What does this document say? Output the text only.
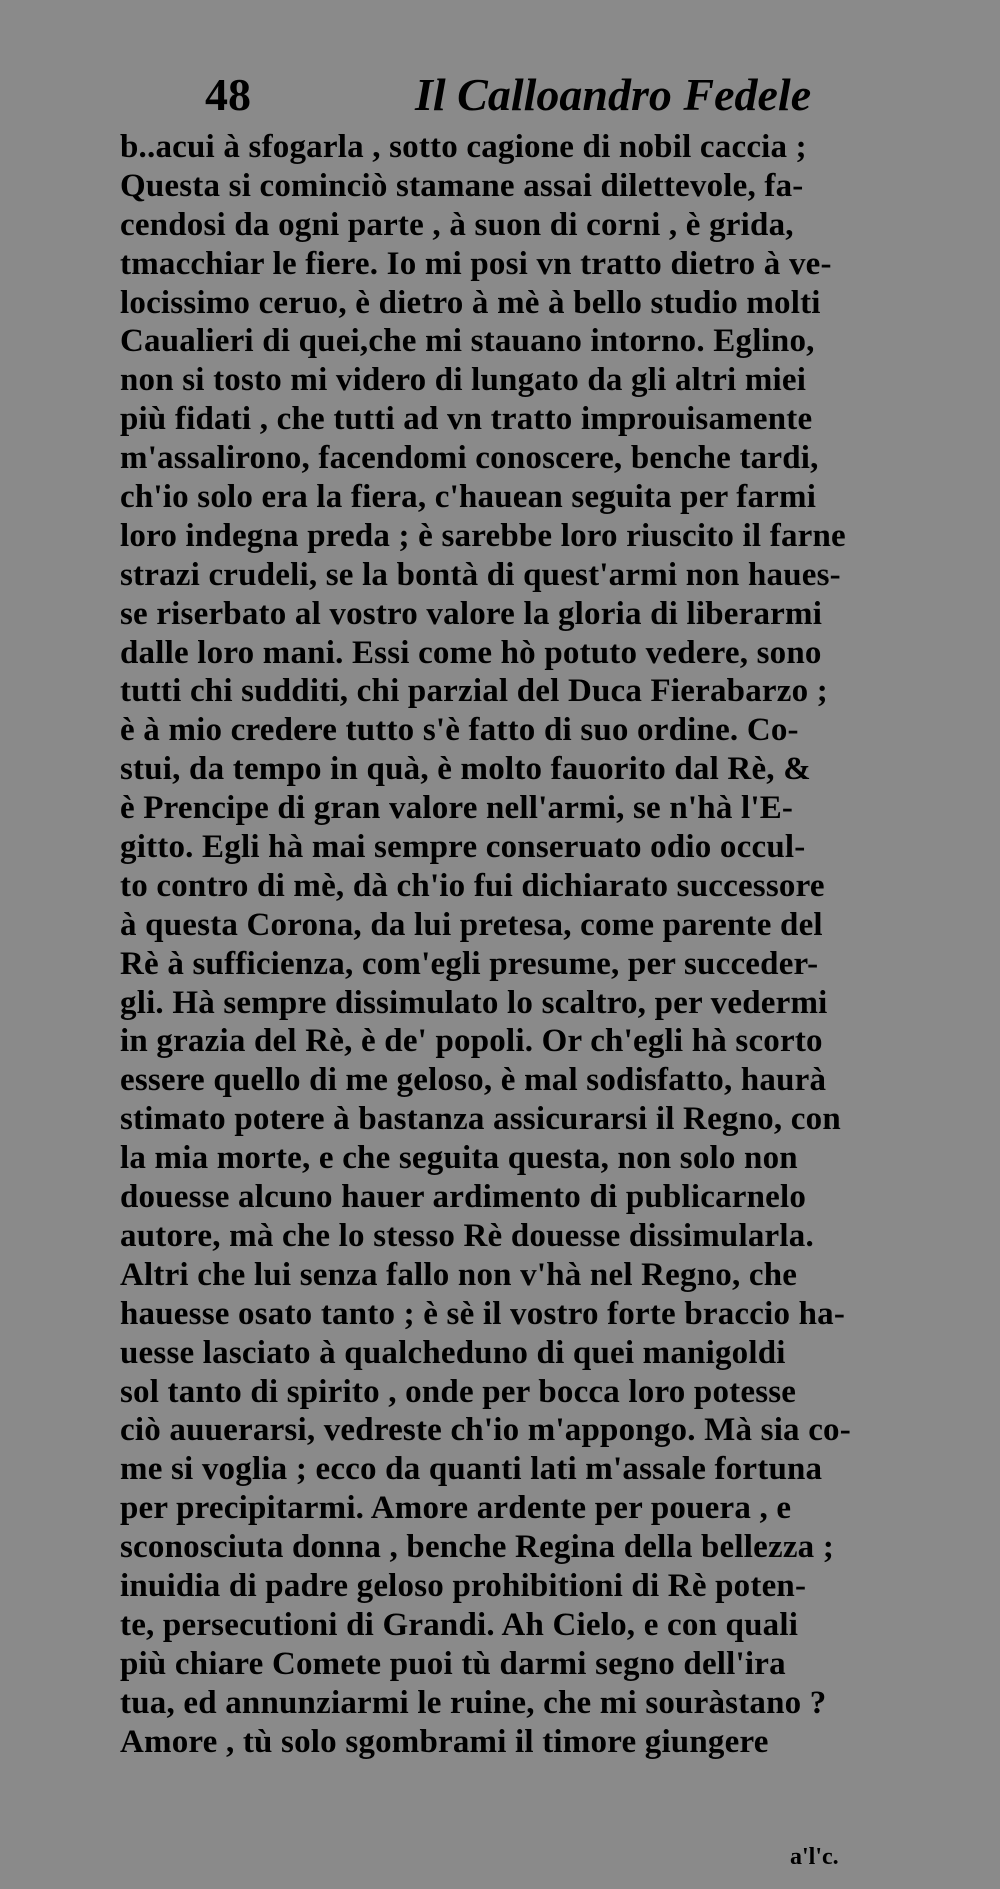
48	Il Calloandro Fedele
b..acui à sfogarla , sotto cagione di nobil caccia ;
Questa si cominciò stamane assai dilettevole, fa-
cendosi da ogni parte , à suon di corni , è grida,
tmacchiar le fiere. Io mi posi vn tratto dietro à ve-
locissimo ceruo, è dietro à mè à bello studio molti
Caualieri di quei,che mi stauano intorno. Eglino,
non si tosto mi videro di lungato da gli altri miei
più fidati , che tutti ad vn tratto improuisamente
m'assalirono, facendomi conoscere, benche tardi,
ch'io solo era la fiera, c'hauean seguita per farmi
loro indegna preda ; è sarebbe loro riuscito il farne
strazi crudeli, se la bontà di quest'armi non haues-
se riserbato al vostro valore la gloria di liberarmi
dalle loro mani. Essi come hò potuto vedere, sono
tutti chi sudditi, chi parzial del Duca Fierabarzo ;
è à mio credere tutto s'è fatto di suo ordine. Co-
stui, da tempo in quà, è molto fauorito dal Rè, &
è Prencipe di gran valore nell'armi, se n'hà l'E-
gitto. Egli hà mai sempre conseruato odio occul-
to contro di mè, dà ch'io fui dichiarato successore
à questa Corona, da lui pretesa, come parente del
Rè à sufficienza, com'egli presume, per succeder-
gli. Hà sempre dissimulato lo scaltro, per vedermi
in grazia del Rè, è de' popoli. Or ch'egli hà scorto
essere quello di me geloso, è mal sodisfatto, haurà
stimato potere à bastanza assicurarsi il Regno, con
la mia morte, e che seguita questa, non solo non
douesse alcuno hauer ardimento di publicarnelo
autore, mà che lo stesso Rè douesse dissimularla.
Altri che lui senza fallo non v'hà nel Regno, che
hauesse osato tanto ; è sè il vostro forte braccio ha-
uesse lasciato à qualcheduno di quei manigoldi
sol tanto di spirito , onde per bocca loro potesse
ciò auuerarsi, vedreste ch'io m'appongo. Mà sia co-
me si voglia ; ecco da quanti lati m'assale fortuna
per precipitarmi. Amore ardente per pouera , e
sconosciuta donna , benche Regina della bellezza ;
inuidia di padre geloso prohibitioni di Rè poten-
te, persecutioni di Grandi. Ah Cielo, e con quali
più chiare Comete puoi tù darmi segno dell'ira
tua, ed annunziarmi le ruine, che mi souràstano ?
Amore , tù solo sgombrami il timore giungere
a'l'c.
